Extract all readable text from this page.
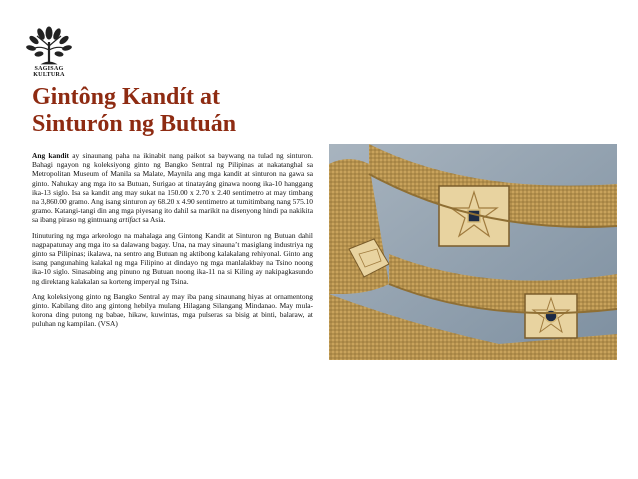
SAGISAG
KULTURA
Gintông Kandít at
Sinturón ng Butuán

Ang kandit ay sinaunang paha na ikinabit nang paikot sa baywang na tulad ng sinturon. Bahagi ngayon ng koleksiyong ginto ng Bangko Sentral ng Pilipinas at nakatanghal sa Metropolitan Museum of Manila sa Malate, Maynila ang mga kandit at sinturon na gawa sa ginto. Nahukay ang mga ito sa Butuan, Surigao at tinatayáng ginawa noong ika-10 hanggang ika-13 siglo. Isa sa kandit ang may sukat na 150.00 x 2.70 x 2.40 sentimetro at may timbang na 3,860.00 gramo. Ang isang sinturon ay 68.20 x 4.90 sentimetro at tumitimbang nang 575.10 gramo. Katangi-tangi din ang mga piyesang ito dahil sa marikit na disenyong hindi pa nakikita sa ibang piraso ng gintnuang artifact sa Asia.

Itinuturing ng mga arkeologo na mahalaga ang Gintong Kandit at Sinturon ng Butuan dahil nagpapatunay ang mga ito sa dalawang bagay. Una, na may sinaunaʼt masiglang industriya ng ginto sa Pilipinas; ikalawa, na sentro ang Butuan ng aktibong kalakalang rehiyonal. Ginto ang isang pangunahing kalakal ng mga Filipino at dindayo ng mga manlalakbay na Tsino noong ika-10 siglo. Sinasabing ang pinuno ng Butuan noong ika-11 na si Kiling ay nakipagkasundo ng direktang kalakalan sa korteng imperyal ng Tsina.

Ang koleksiyong ginto ng Bangko Sentral ay may iba pang sinaunang hiyas at ornamentong ginto. Kabilang dito ang gintong hebilya mulang Hilagang Silangang Mindanao. May mula-korona ding putong ng babae, hikaw, kuwintas, mga pulseras sa bisig at binti, balaraw, at puluhan ng kampilan. (VSA)
